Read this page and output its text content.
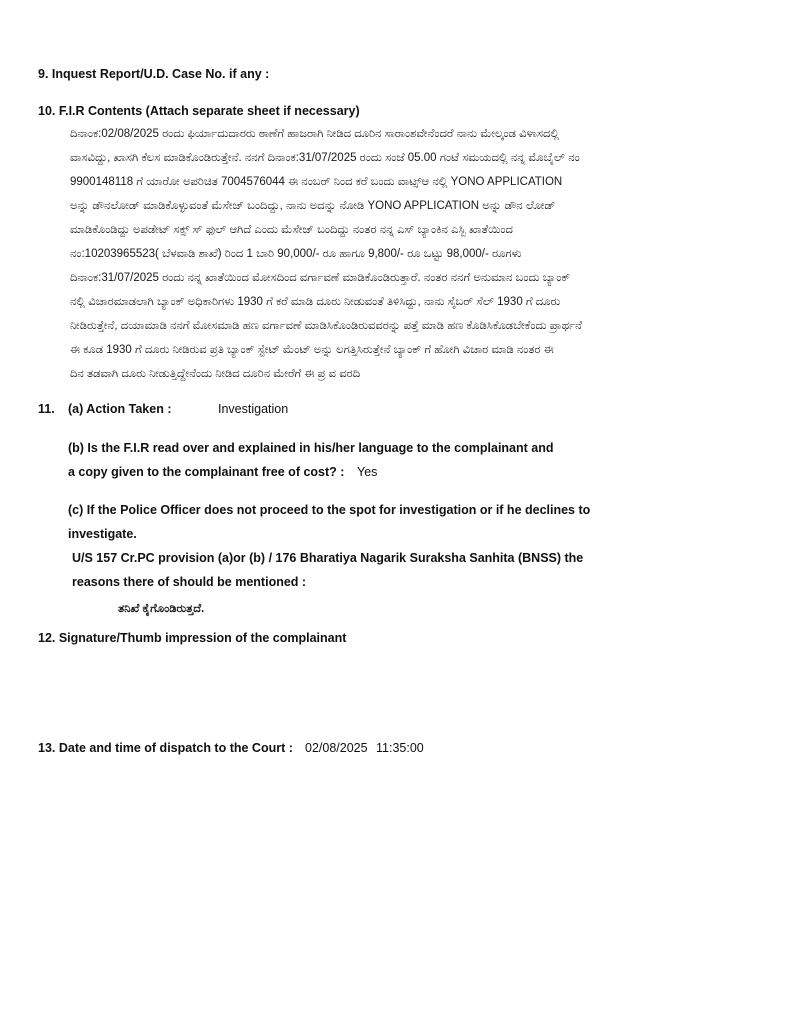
9. Inquest Report/U.D. Case No. if any :
10. F.I.R Contents (Attach separate sheet if necessary)
ದಿನಾಂಕ:02/08/2025 ರಂದು ಫಿರ್ಯಾದುದಾರರು ಠಾಣೆಗೆ ಹಾಜರಾಗಿ ನೀಡಿದ ದೂರಿನ ಸಾರಾಂಶವೇನೆಂದರೆ ನಾನು ಮೇಲ್ಕಂಡ ವಿಳಾಸದಲ್ಲಿ
ವಾಸವಿದ್ದು, ಖಾಸಗಿ ಕೆಲಸ ಮಾಡಿಕೊಂಡಿರುತ್ತೇನೆ. ನನಗೆ ದಿನಾಂಕ:31/07/2025 ರಂದು ಸಂಜೆ 05.00 ಗಂಟೆ ಸಮಯದಲ್ಲಿ ನನ್ನ ಮೊಬೈಲ್ ನಂ
9900148118 ಗೆ ಯಾರೋ ಅಪರಿಚಿತ 7004576044 ಈ ನಂಬರ್ ನಿಂದ ಕರೆ ಬಂದು ವಾಟ್ಸ್ಆ ನಲ್ಲಿ YONO APPLICATION
ಅನ್ನು ಡೌನಲೋಡ್ ಮಾಡಿಕೊಳ್ಳುವಂತೆ ಮೆಸೇಜ್ ಬಂದಿದ್ದು, ನಾನು ಅದನ್ನು ನೋಡಿ YONO APPLICATION ಅನ್ನು ಡೌನ ಲೋಡ್
ಮಾಡಿಕೊಂಡಿದ್ದು ಅಪಡೇಟ್ ಸಕ್ಸ್ ಸ್ ಫುಲ್ ಆಗಿದೆ ಎಂದು ಮೆಸೇಜ್ ಬಂದಿದ್ದು ನಂತರ ನನ್ನ ಎಸ್ ಬ್ಯಾಂಕಿನ ಎಸ್ಬಿ ಖಾತೆಯಿಂದ
ನಂ:10203965523( ಬೆಳವಾಡಿ ಶಾಖೆ) ರಿಂದ 1 ಬಾರಿ 90,000/- ರೂ ಹಾಗೂ 9,800/- ರೂ ಒಟ್ಟು 98,000/- ರೂಗಳು
ದಿನಾಂಕ:31/07/2025 ರಂದು ನನ್ನ ಖಾತೆಯಿಂದ ಮೋಸದಿಂದ ವರ್ಗಾವಣೆ ಮಾಡಿಕೊಂಡಿರುತ್ತಾರೆ. ನಂತರ ನನಗೆ ಅನುಮಾನ ಬಂದು ಬ್ಯಾಂಕ್
ನಲ್ಲಿ ವಿಚಾರಮಾಡಲಾಗಿ ಬ್ಯಾಂಕ್ ಅಧಿಕಾರಿಗಳು 1930 ಗೆ ಕರೆ ಮಾಡಿ ದೂರು ನೀಡುವಂತೆ ತಿಳಿಸಿದ್ದು, ನಾನು ಸೈಬರ್ ಸೆಲ್ 1930 ಗೆ ದೂರು
ನೀಡಿರುತ್ತೇನೆ, ದಯಾಮಾಡಿ ನನಗೆ ಮೋಸಮಾಡಿ ಹಣ ವರ್ಗಾವಣೆ ಮಾಡಿಸಿಕೊಂಡಿರುವವರನ್ನು ಪತ್ತೆ ಮಾಡಿ ಹಣ ಕೊಡಿಸಿಕೊಡಬೇಕೆಂದು ಪ್ರಾರ್ಥನೆ
ಈ ಕೂಡ 1930 ಗೆ ದೂರು ನೀಡಿರುವ ಪ್ರತಿ ಬ್ಯಾಂಕ್ ಸ್ಟೇಟ್ ಮೆಂಟ್ ಅನ್ನು ಲಗತ್ತಿಸಿರುತ್ತೇನೆ ಬ್ಯಾಂಕ್ ಗೆ ಹೋಗಿ ವಿಚಾರ ಮಾಡಿ ನಂತರ ಈ
ದಿನ ತಡವಾಗಿ ದೂರು ನೀಡುತ್ತಿದ್ದೇನೆಂದು ನೀಡಿದ ದೂರಿನ ಮೇರೆಗೆ ಈ ಪ್ರ ವ ವರದಿ
11. (a) Action Taken :	Investigation
(b) Is the F.I.R read over and explained in his/her language to the complainant and
a copy given to the complainant free of cost? : Yes
(c) If the Police Officer does not proceed to the spot for investigation or if he declines to
investigate.
U/S 157 Cr.PC provision (a)or (b) / 176 Bharatiya Nagarik Suraksha Sanhita (BNSS) the
reasons there of should be mentioned :
ತನಿಖೆ ಕೈಗೊಂಡಿರುತ್ತದೆ.
12. Signature/Thumb impression of the complainant
13. Date and time of dispatch to the Court : 02/08/2025 11:35:00
